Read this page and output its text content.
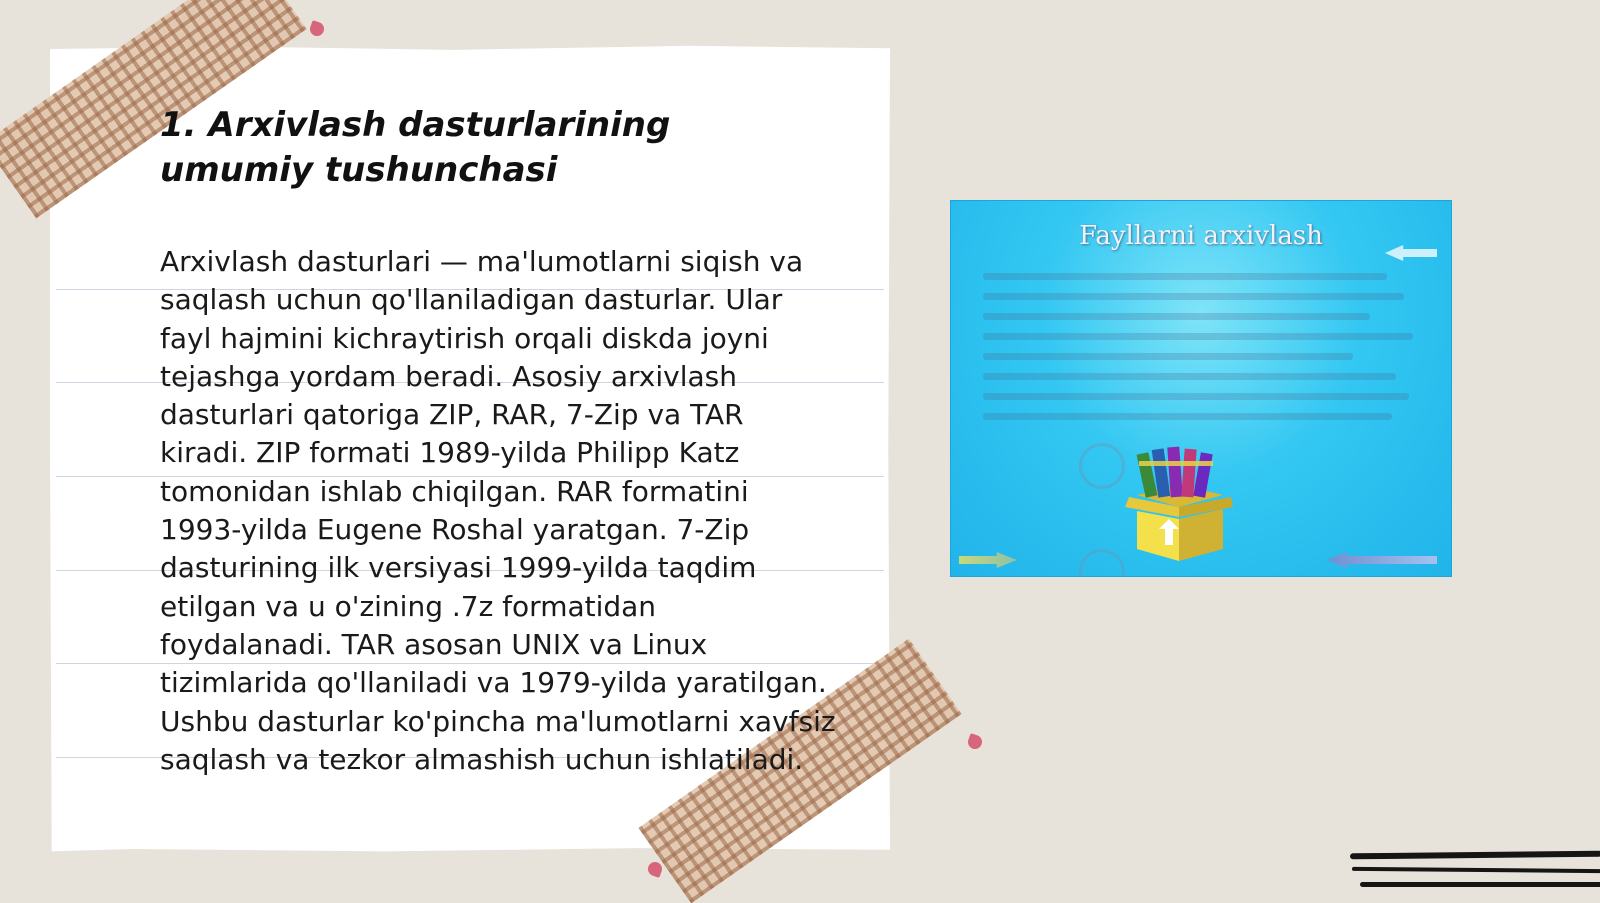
1. Arxivlash dasturlarining umumiy tushunchasi

Arxivlash dasturlari — ma'lumotlarni siqish va saqlash uchun qo'llaniladigan dasturlar. Ular fayl hajmini kichraytirish orqali diskda joyni tejashga yordam beradi. Asosiy arxivlash dasturlari qatoriga ZIP, RAR, 7-Zip va TAR kiradi. ZIP formati 1989-yilda Philipp Katz tomonidan ishlab chiqilgan. RAR formatini 1993-yilda Eugene Roshal yaratgan. 7-Zip dasturining ilk versiyasi 1999-yilda taqdim etilgan va u o'zining .7z formatidan foydalanadi. TAR asosan UNIX va Linux tizimlarida qo'llaniladi va 1979-yilda yaratilgan. Ushbu dasturlar ko'pincha ma'lumotlarni xavfsiz saqlash va tezkor almashish uchun ishlatiladi.

Fayllarni arxivlash
